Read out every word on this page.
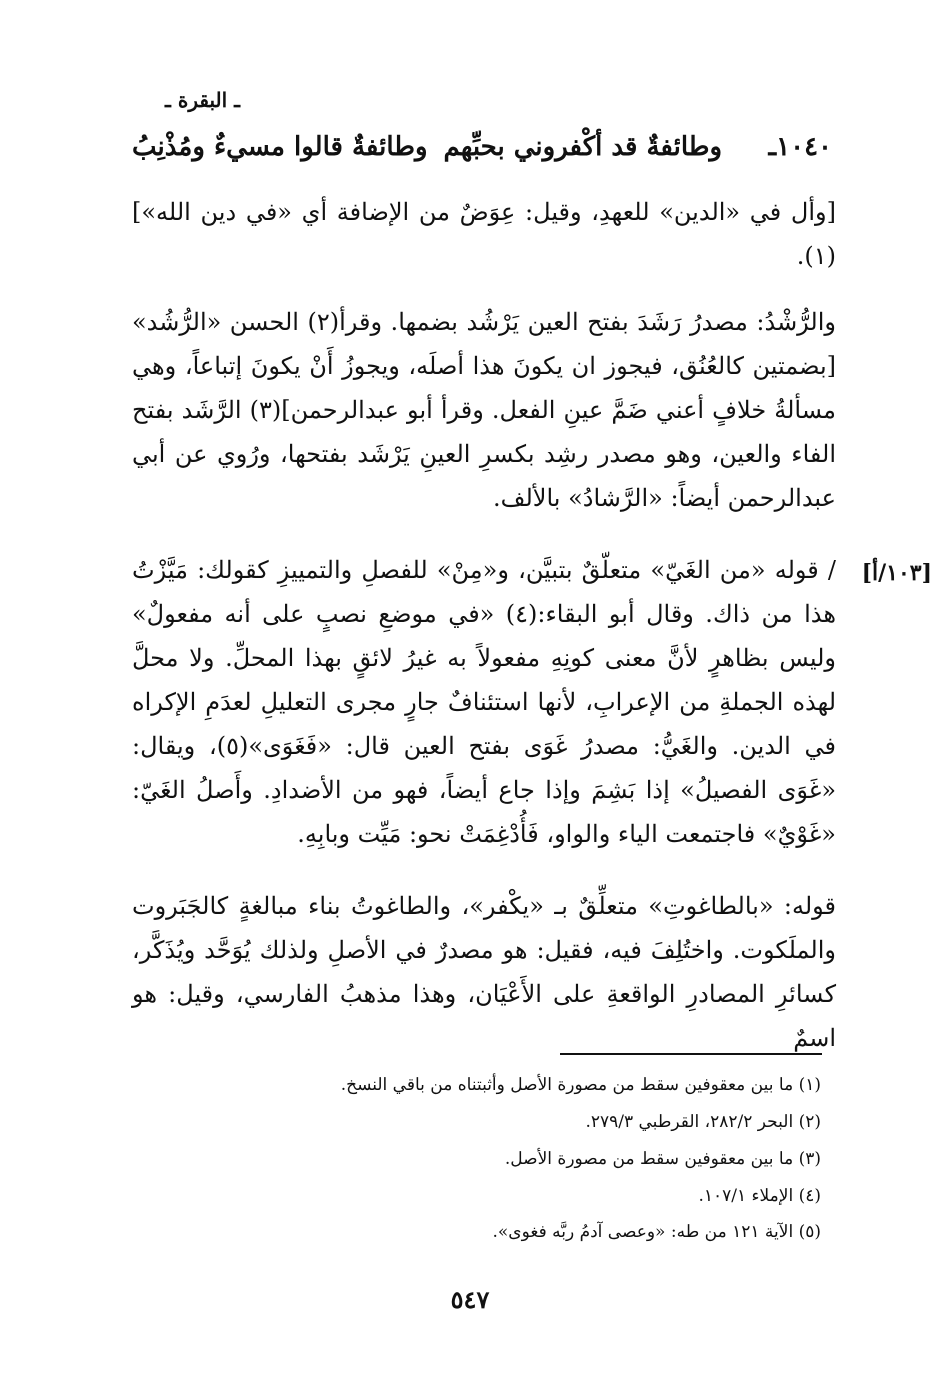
ـ البقرة ـ
١٠٤٠ـ
وطائفةٌ قد أكْفروني بحبِّهم
وطائفةٌ قالوا مسيءٌ ومُذْنِبُ
[وأل في «الدين» للعهدِ، وقيل: عِوَضٌ من الإضافة أي «في دين الله»](١).
والرُّشْدُ: مصدرُ رَشَدَ بفتح العين يَرْشُد بضمها. وقرأ(٢) الحسن «الرُّشُد» [بضمتين كالعُنُق، فيجوز ان يكونَ هذا أصلَه، ويجوزُ أَنْ يكونَ إتباعاً، وهي مسألةُ خلافٍ أعني ضَمَّ عينِ الفعل. وقرأ أبو عبدالرحمن](٣) الرَّشَد بفتح الفاء والعين، وهو مصدر رشِد بكسرِ العينِ يَرْشَد بفتحها، ورُوي عن أبي عبدالرحمن أيضاً: «الرَّشادُ» بالألف.
[١٠٣/أ]
/ قوله «من الغَيّ» متعلّقٌ بتبيَّن، و«مِنْ» للفصلِ والتمييزِ كقولك: مَيَّزْتُ هذا من ذاك. وقال أبو البقاء:(٤) «في موضعِ نصبٍ على أنه مفعولٌ» وليس بظاهرٍ لأنَّ معنى كونِهِ مفعولاً به غيرُ لائقٍ بهذا المحلِّ. ولا محلَّ لهذه الجملةِ من الإعرابِ، لأنها استئنافٌ جارٍ مجرى التعليلِ لعدَمِ الإكراه في الدين. والغَيُّ: مصدرُ غَوَى بفتح العين قال: «فَغَوَى»(٥)، ويقال: «غَوَى الفصيلُ» إذا بَشِمَ وإذا جاع أيضاً، فهو من الأضدادِ. وأَصلُ الغَيّ: «غَوْيٌ» فاجتمعت الياء والواو، فَأُدْغِمَتْ نحو: مَيِّت وبابِهِ.
قوله: «بالطاغوتِ» متعلِّقٌ بـ «يكْفر»، والطاغوتُ بناء مبالغةٍ كالجَبَروت والملَكوت. واختُلِفَ فيه، فقيل: هو مصدرٌ في الأصلِ ولذلك يُوَحَّد ويُذَكَّر، كسائرِ المصادرِ الواقعةِ على الأَعْيَان، وهذا مذهبُ الفارسي، وقيل: هو اسمٌ
(١) ما بين معقوفين سقط من مصورة الأصل وأثبتناه من باقي النسخ.
(٢) البحر ٢٨٢/٢، القرطبي ٢٧٩/٣.
(٣) ما بين معقوفين سقط من مصورة الأصل.
(٤) الإملاء ١٠٧/١.
(٥) الآية ١٢١ من طه: «وعصى آدمُ ربَّه فغوى».
٥٤٧
